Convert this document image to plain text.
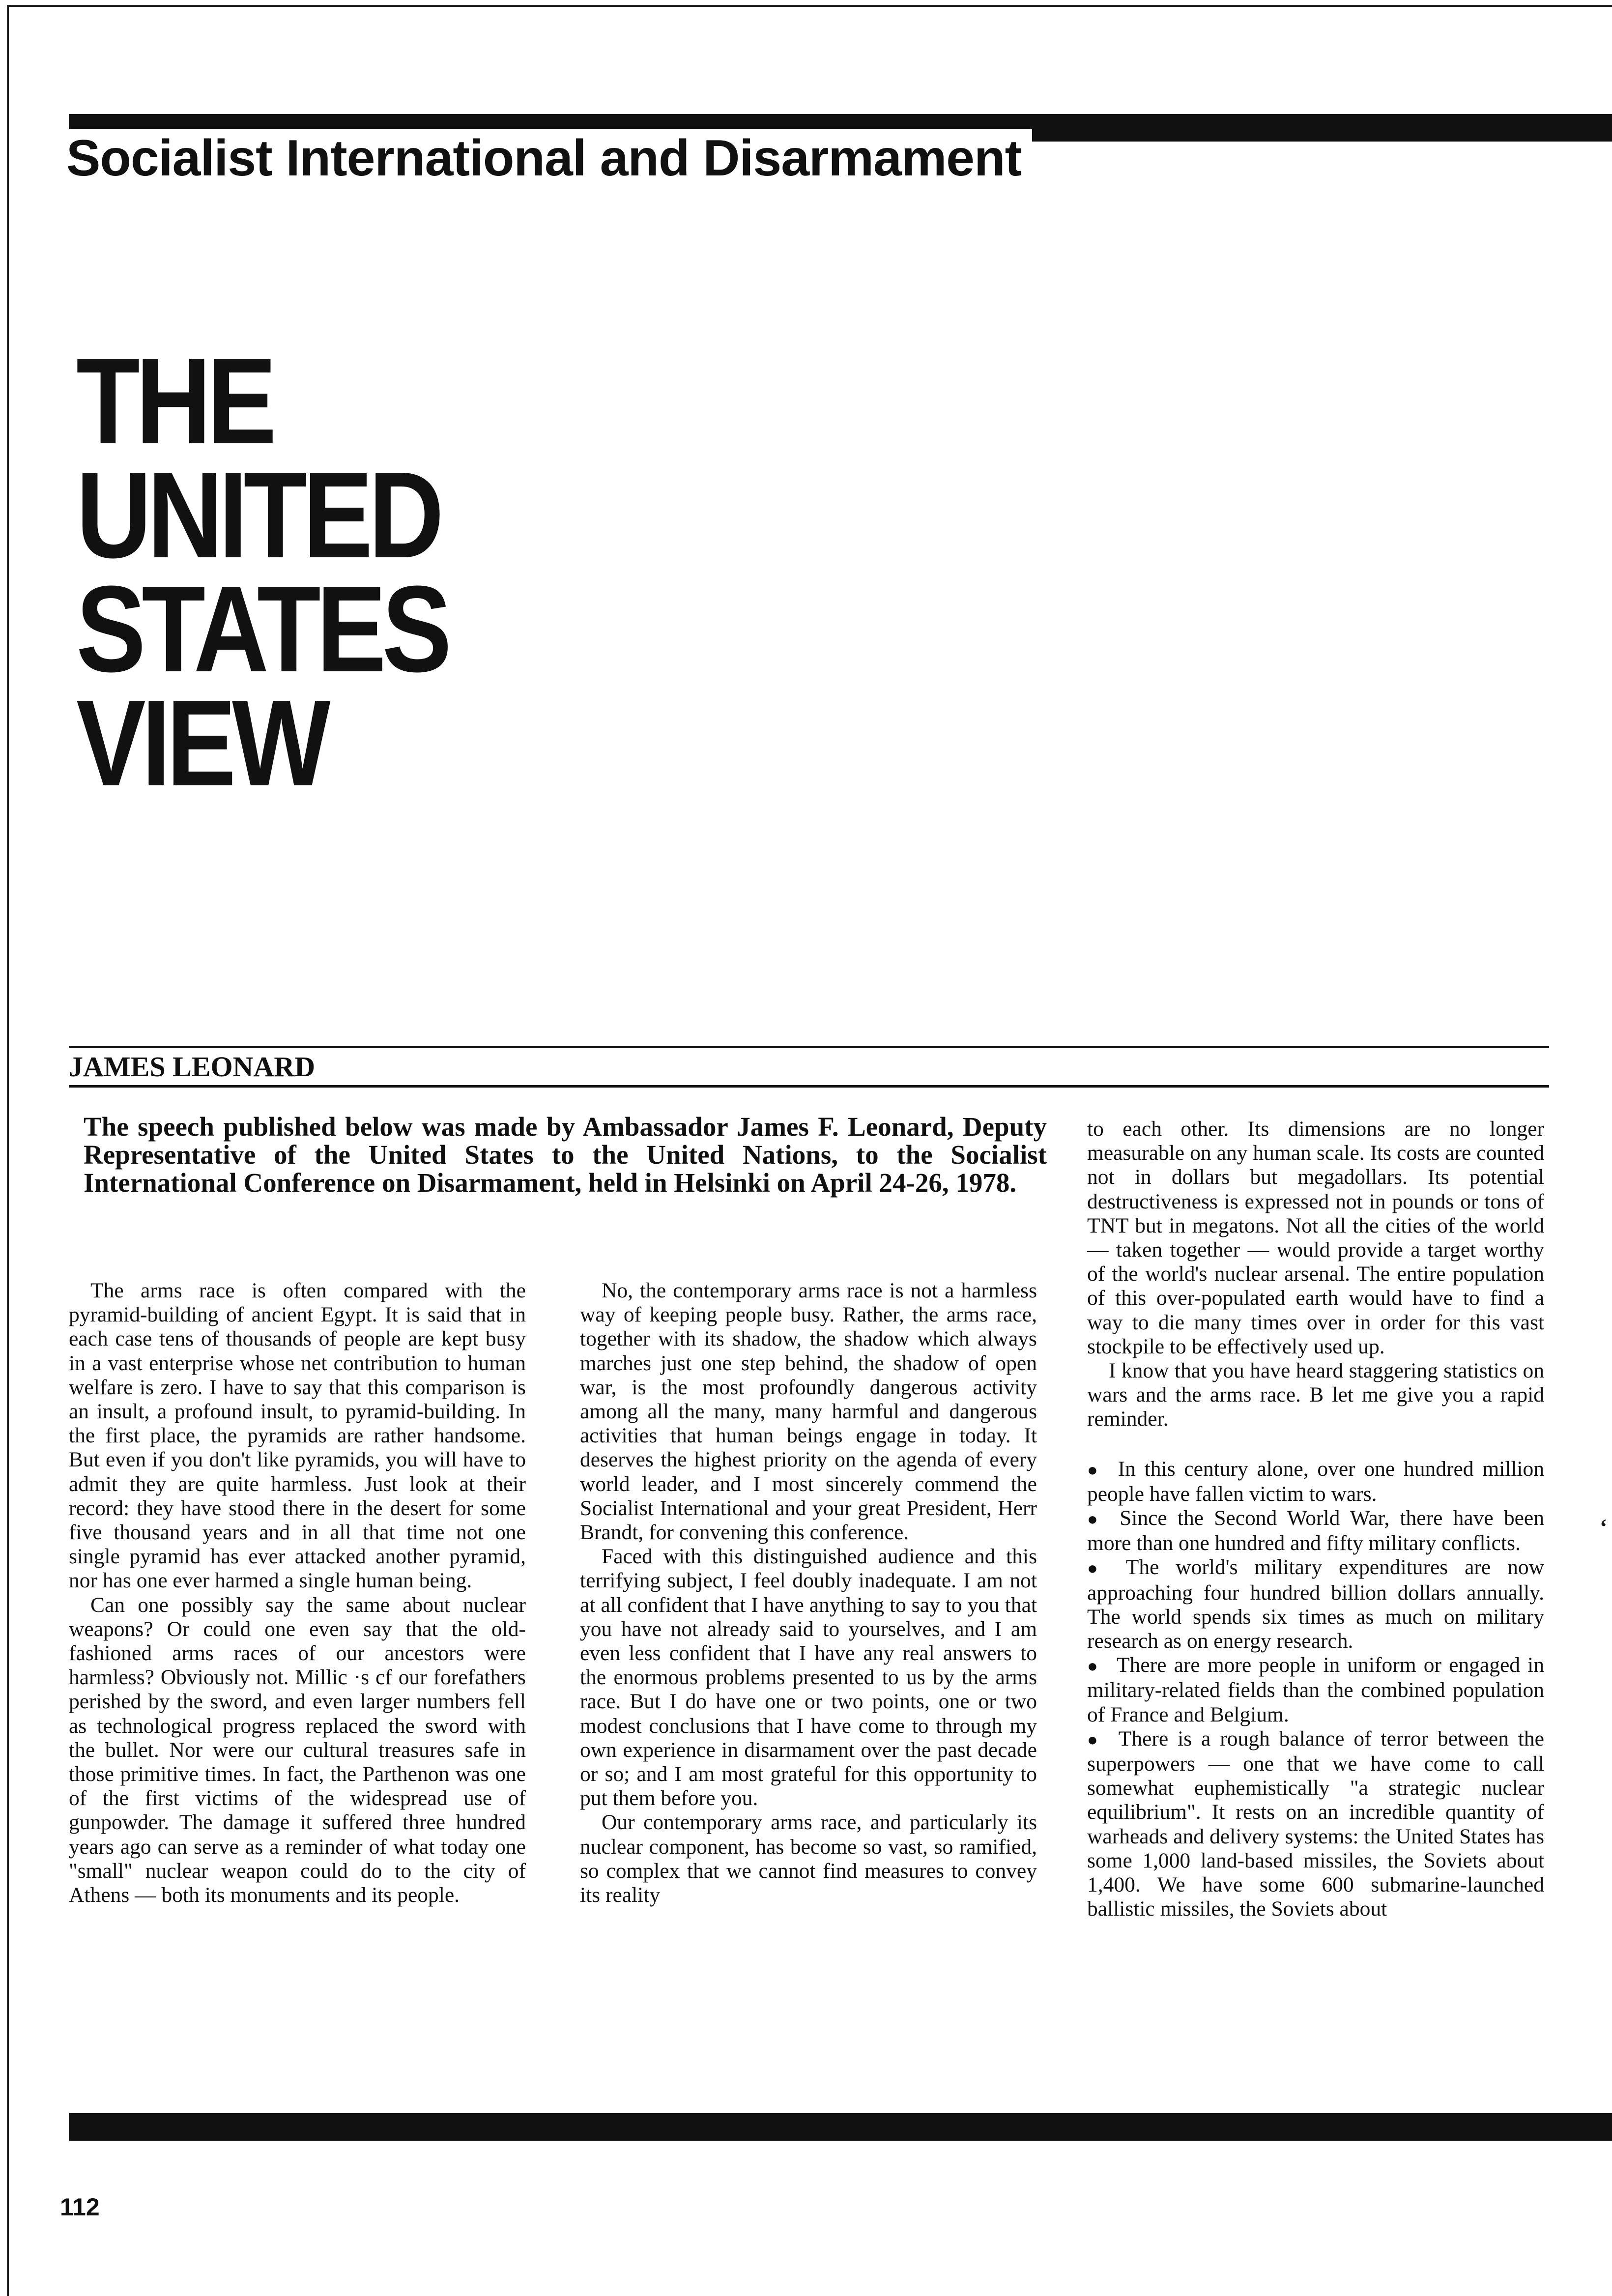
Socialist International and Disarmament
THE
UNITED STATES
VIEW

JAMES LEONARD

The speech published below was made by Ambassador James F. Leonard, Deputy Representative of the United States to the United Nations, to the Socialist International Conference on Disarmament, held in Helsinki on April 24-26, 1978.

The arms race is often compared with the pyramid-building of ancient Egypt. It is said that in each case tens of thousands of people are kept busy in a vast enterprise whose net contribution to human welfare is zero. I have to say that this comparison is an insult, a profound insult, to pyramid-building. In the first place, the pyramids are rather handsome. But even if you don't like pyramids, you will have to admit they are quite harmless. Just look at their record: they have stood there in the desert for some five thousand years and in all that time not one single pyramid has ever attacked another pyramid, nor has one ever harmed a single human being.

Can one possibly say the same about nuclear weapons? Or could one even say that the old-fashioned arms races of our ancestors were harmless? Obviously not. Millic ·s cf our forefathers perished by the sword, and even larger numbers fell as technological progress replaced the sword with the bullet. Nor were our cultural treasures safe in those primitive times. In fact, the Parthenon was one of the first victims of the widespread use of gunpowder. The damage it suffered three hundred years ago can serve as a reminder of what today one "small" nuclear weapon could do to the city of Athens — both its monuments and its people.

No, the contemporary arms race is not a harmless way of keeping people busy. Rather, the arms race, together with its shadow, the shadow which always marches just one step behind, the shadow of open war, is the most profoundly dangerous activity among all the many, many harmful and dangerous activities that human beings engage in today. It deserves the highest priority on the agenda of every world leader, and I most sincerely commend the Socialist International and your great President, Herr Brandt, for convening this conference.

Faced with this distinguished audience and this terrifying subject, I feel doubly inadequate. I am not at all confident that I have anything to say to you that you have not already said to yourselves, and I am even less confident that I have any real answers to the enormous problems presented to us by the arms race. But I do have one or two points, one or two modest conclusions that I have come to through my own experience in disarmament over the past decade or so; and I am most grateful for this opportunity to put them before you.

Our contemporary arms race, and particularly its nuclear component, has become so vast, so ramified, so complex that we cannot find measures to convey its reality

to each other. Its dimensions are no longer measurable on any human scale. Its costs are counted not in dollars but megadollars. Its potential destructiveness is expressed not in pounds or tons of TNT but in megatons. Not all the cities of the world — taken together — would provide a target worthy of the world's nuclear arsenal. The entire population of this over-populated earth would have to find a way to die many times over in order for this vast stockpile to be effectively used up.

I know that you have heard staggering statistics on wars and the arms race. B let me give you a rapid reminder.

● In this century alone, over one hundred million people have fallen victim to wars.

● Since the Second World War, there have been more than one hundred and fifty military conflicts.

● The world's military expenditures are now approaching four hundred billion dollars annually. The world spends six times as much on military research as on energy research.

● There are more people in uniform or engaged in military-related fields than the combined population of France and Belgium.

● There is a rough balance of terror between the superpowers — one that we have come to call somewhat euphemistically "a strategic nuclear equilibrium". It rests on an incredible quantity of warheads and delivery systems: the United States has some 1,000 land-based missiles, the Soviets about 1,400. We have some 600 submarine-launched ballistic missiles, the Soviets about

‘

112
